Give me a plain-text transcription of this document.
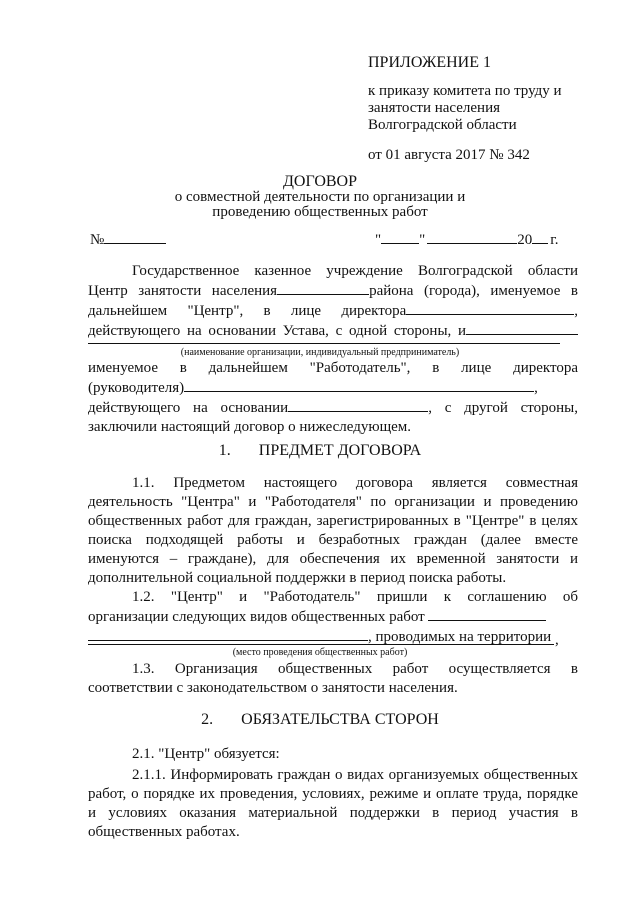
ПРИЛОЖЕНИЕ 1
к приказу комитета по труду и
занятости населения
Волгоградской области
от 01 августа 2017 № 342
ДОГОВОР
о совместной деятельности по организации и
проведению общественных работ
№	"	"	20 г.
Государственное казенное учреждение Волгоградской области
Центр занятости населения	района (города), именуемое в
дальнейшем "Центр", в лице директора	,
действующего на основании Устава, с одной стороны, и
(наименование организации, индивидуальный предприниматель)
именуемое в дальнейшем "Работодатель", в лице директора
(руководителя)	,
действующего на основании	, с другой стороны,
заключили настоящий договор о нижеследующем.
1. ПРЕДМЕТ ДОГОВОРА
1.1. Предметом настоящего договора является совместная
деятельность "Центра" и "Работодателя" по организации и проведению
общественных работ для граждан, зарегистрированных в "Центре" в целях
поиска подходящей работы и безработных граждан (далее вместе
именуются – граждане), для обеспечения их временной занятости и
дополнительной социальной поддержки в период поиска работы.
1.2. "Центр" и "Работодатель" пришли к соглашению об
организации следующих видов общественных работ
, проводимых на территории ,
(место проведения общественных работ)
1.3. Организация общественных работ осуществляется в
соответствии с законодательством о занятости населения.
2. ОБЯЗАТЕЛЬСТВА СТОРОН
2.1. "Центр" обязуется:
2.1.1. Информировать граждан о видах организуемых общественных
работ, о порядке их проведения, условиях, режиме и оплате труда, порядке
и условиях оказания материальной поддержки в период участия в
общественных работах.
